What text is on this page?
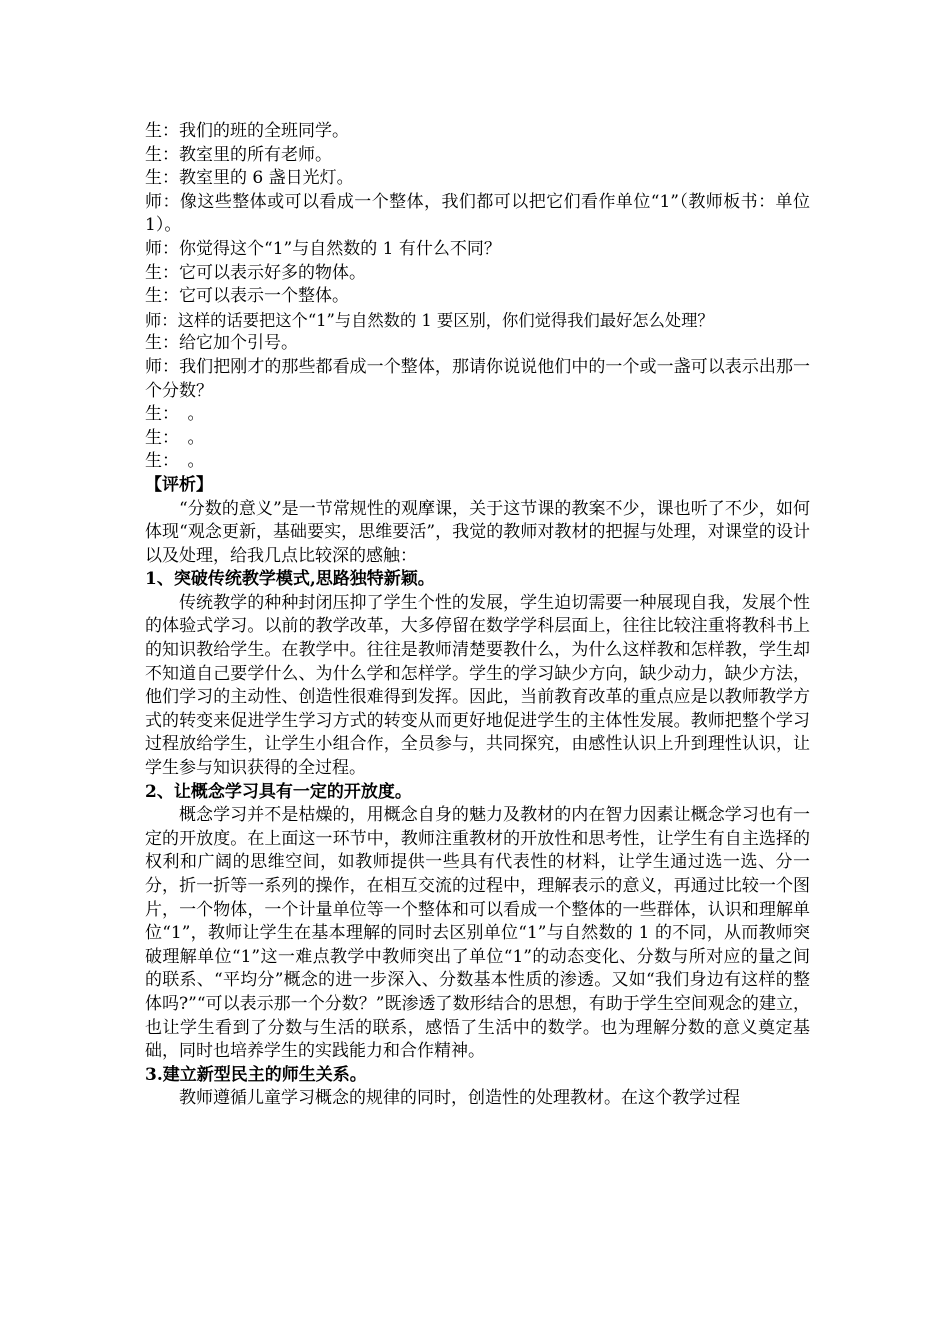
生：我们的班的全班同学。
生：教室里的所有老师。
生：教室里的 6 盏日光灯。
师：像这些整体或可以看成一个整体，我们都可以把它们看作单位“1”（教师板书：单位 1）。
师：你觉得这个“1”与自然数的 1 有什么不同？
生：它可以表示好多的物体。
生：它可以表示一个整体。
师：这样的话要把这个“1”与自然数的 1 要区别，你们觉得我们最好怎么处理？
生：给它加个引号。
师：我们把刚才的那些都看成一个整体，那请你说说他们中的一个或一盏可以表示出那一个分数？
生：　。
生：　。
生：　。
【评析】
“分数的意义”是一节常规性的观摩课，关于这节课的教案不少，课也听了不少，如何体现“观念更新，基础要实，思维要活”，我觉的教师对教材的把握与处理，对课堂的设计以及处理，给我几点比较深的感触：
1、突破传统教学模式,思路独特新颖。
传统教学的种种封闭压抑了学生个性的发展，学生迫切需要一种展现自我，发展个性的体验式学习。以前的教学改革，大多停留在数学学科层面上，往往比较注重将教科书上的知识教给学生。在教学中。往往是教师清楚要教什么，为什么这样教和怎样教，学生却不知道自己要学什么、为什么学和怎样学。学生的学习缺少方向，缺少动力，缺少方法，他们学习的主动性、创造性很难得到发挥。因此，当前教育改革的重点应是以教师教学方式的转变来促进学生学习方式的转变从而更好地促进学生的主体性发展。教师把整个学习过程放给学生，让学生小组合作，全员参与，共同探究，由感性认识上升到理性认识，让学生参与知识获得的全过程。
2、让概念学习具有一定的开放度。
概念学习并不是枯燥的，用概念自身的魅力及教材的内在智力因素让概念学习也有一定的开放度。在上面这一环节中，教师注重教材的开放性和思考性，让学生有自主选择的权利和广阔的思维空间，如教师提供一些具有代表性的材料，让学生通过选一选、分一分，折一折等一系列的操作，在相互交流的过程中，理解表示的意义，再通过比较一个图片，一个物体，一个计量单位等一个整体和可以看成一个整体的一些群体，认识和理解单位“1”，教师让学生在基本理解的同时去区别单位“1”与自然数的 1 的不同，从而教师突破理解单位“1”这一难点教学中教师突出了单位“1”的动态变化、分数与所对应的量之间的联系、“平均分”概念的进一步深入、分数基本性质的渗透。又如“我们身边有这样的整体吗?”“可以表示那一个分数？”既渗透了数形结合的思想，有助于学生空间观念的建立，也让学生看到了分数与生活的联系，感悟了生活中的数学。也为理解分数的意义奠定基础，同时也培养学生的实践能力和合作精神。
3.建立新型民主的师生关系。
教师遵循儿童学习概念的规律的同时，创造性的处理教材。在这个教学过程
